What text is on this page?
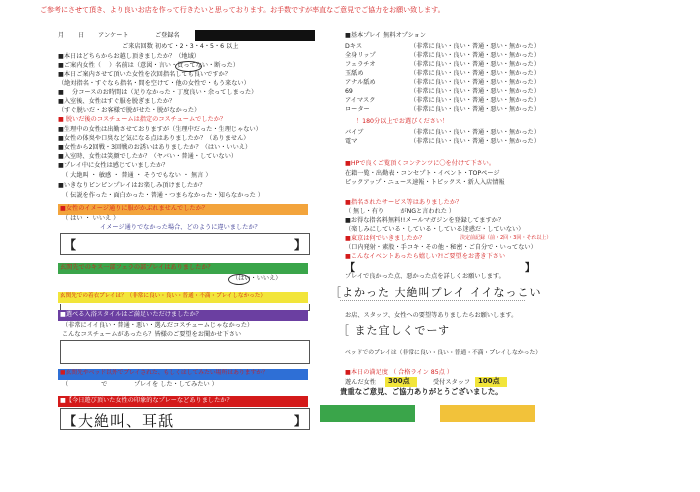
ご参考にさせて頂き、より良いお店を作って行きたいと思っております。お手数ですが率直なご意見でご協力をお願い致します。
月 日 アンケート	ご登録名
ご来店回数 初めて・2・3・4・5・6 以上
■本日はどちらからお越し頂きましたか？（地域）
■ご案内女性（ 　）名前は（意図・言い・買ってない・断った）
■本日ご案内させて頂いた女性を次回指名しても良いですか？
（絶対指名・すぐなら指名・間を空けて・他の女性で・もう来ない）
■ 　分コースのお時間は（足りなかった・丁度良い・余ってしまった）
■入室後、女性はすぐ服を脱ぎましたか？
（すぐ脱いだ・お客様で脱がせた・脱がなかった）
■ 脱いだ後のコスチュームは指定のコスチュームでしたか？
■生理中の女性は出勤させておりますが（生理中だった・生理じゃない）
■女性の体臭や口臭など気になる点はありましたか？（ありません）
■女性から2回戦・3回戦のお誘いはありましたか？（はい・いいえ）
■入室時、女性は笑顔でしたか？（ヤバい・普通・していない）
■プレイ中に女性は感じていましたか？
（ 大絶叫 ・ 敏感 ・ 普通 ・ そうでもない ・ 無言 ）
■いきなりピンピンプレイはお楽しみ頂けましたか？
（ 伝説を作った・面白かった・普通・つまらなかった・知らなかった ）
■女性のイメージ通りに服がかぶれませんでしたか？
（ はい ・ いいえ ）
イメージ通りでなかった場合、どのように違いましたか？
【	】
玄関先でのキス一部フェラの部プレイはありましたか？
（はい・いいえ）
玄関先での着衣プレイは？（非常に良い・良い・普通・不満・プレイしなかった）
■選べる入浴スタイルはご満足いただけましたか？
（非常にイイ良い・普通・悪い・選んだコスチュームじゃなかった）
こんなコスチュームがあったら？皆様のご要望をお聞かせ下さい
■玄関先やベッド以外でプレイされた、もしくはしてみたい場所はありますか？
（ 　　　　　で 　　　　プレイを した・してみたい ）
■【今日遊び頂いた女性の印象的なプレーなどありましたか？
【	】
大絶叫、耳舐
■基本プレイ 無料オプション
Dキス	（非常に良い・良い・普通・悪い・無かった）
全身リップ	（非常に良い・良い・普通・悪い・無かった）
フェラチオ	（非常に良い・良い・普通・悪い・無かった）
玉舐め	（非常に良い・良い・普通・悪い・無かった）
アナル舐め	（非常に良い・良い・普通・悪い・無かった）
69	（非常に良い・良い・普通・悪い・無かった）
アイマスク	（非常に良い・良い・普通・悪い・無かった）
ローター	（非常に良い・良い・普通・悪い・無かった）
！180分以上でお選びください！
バイブ	（非常に良い・良い・普通・悪い・無かった）
電マ	（非常に良い・良い・普通・悪い・無かった）
■HPで良くご覧頂くコンテンツに〇を付けて下さい。
在籍一覧・出勤表・コンセプト・イベント・TOPページ
ピックアップ・ニュース速報・トピックス・新人入店情報
■指名されたサービス等はありましたか？
（ 無し・有り 　　 がNGと言われた ）
■お得な指名料無料!!メールマガジンを登録してますか？
（楽しみにしている・している・している迷惑だ・していない）
■東京は何でいきましたか？	決定前記録（前・2回・3回・それ以上）
（口内発射・素股・手コキ・その他・秘密・ご自分で・いってない）
■こんなイベントあったら嬉しい?!ご要望をお書き下さい
【	】
プレイで良かった点、悪かった点を詳しくお願いします。
［よかった 大絶叫プレイ イイなっこい
お店、スタッフ、女性への要望等ありましたらお願いします。
［ また宜しくでーす
ベッドでのプレイは（非常に良い・良い・普通・不満・プレイしなかった）
■本日の満足度 （ 合格ライン 85点 ）
遊んだ女性 300点	受付スタッフ 100点
貴重なご意見、ご協力ありがとうございました。
